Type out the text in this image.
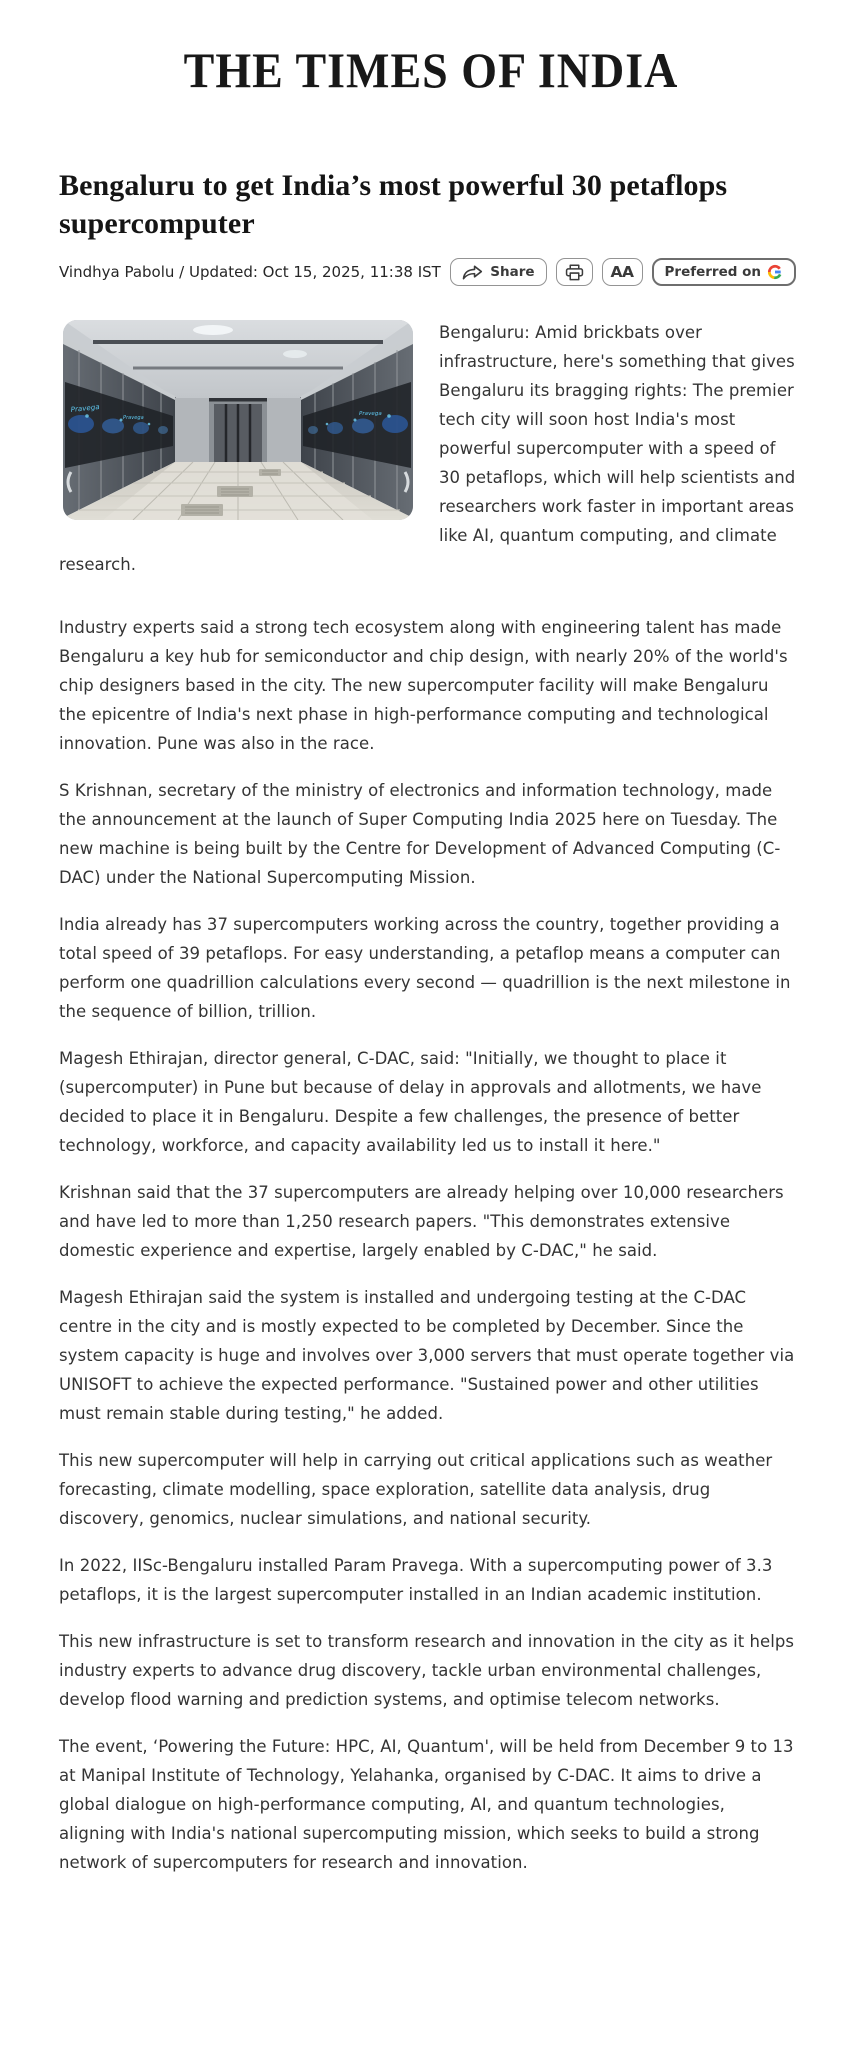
THE TIMES OF INDIA
Bengaluru to get India’s most powerful 30 petaflops supercomputer
Vindhya Pabolu / Updated: Oct 15, 2025, 11:38 IST	Share	AA Preferred on
Pravega
Pravega
Pravega

Bengaluru: Amid brickbats over infrastructure, here's something that gives Bengaluru its bragging rights: The premier tech city will soon host India's most powerful supercomputer with a speed of 30 petaflops, which will help scientists and researchers work faster in important areas like AI, quantum computing, and climate research.

Industry experts said a strong tech ecosystem along with engineering talent has made Bengaluru a key hub for semiconductor and chip design, with nearly 20% of the world's chip designers based in the city. The new supercomputer facility will make Bengaluru the epicentre of India's next phase in high-performance computing and technological innovation. Pune was also in the race.

S Krishnan, secretary of the ministry of electronics and information technology, made the announcement at the launch of Super Computing India 2025 here on Tuesday. The new machine is being built by the Centre for Development of Advanced Computing (C-DAC) under the National Supercomputing Mission.

India already has 37 supercomputers working across the country, together providing a total speed of 39 petaflops. For easy understanding, a petaflop means a computer can perform one quadrillion calculations every second — quadrillion is the next milestone in the sequence of billion, trillion.

Magesh Ethirajan, director general, C-DAC, said: "Initially, we thought to place it (supercomputer) in Pune but because of delay in approvals and allotments, we have decided to place it in Bengaluru. Despite a few challenges, the presence of better technology, workforce, and capacity availability led us to install it here."

Krishnan said that the 37 supercomputers are already helping over 10,000 researchers and have led to more than 1,250 research papers. "This demonstrates extensive domestic experience and expertise, largely enabled by C-DAC," he said.

Magesh Ethirajan said the system is installed and undergoing testing at the C-DAC centre in the city and is mostly expected to be completed by December. Since the system capacity is huge and involves over 3,000 servers that must operate together via UNISOFT to achieve the expected performance. "Sustained power and other utilities must remain stable during testing," he added.

This new supercomputer will help in carrying out critical applications such as weather forecasting, climate modelling, space exploration, satellite data analysis, drug discovery, genomics, nuclear simulations, and national security.

In 2022, IISc-Bengaluru installed Param Pravega. With a supercomputing power of 3.3 petaflops, it is the largest supercomputer installed in an Indian academic institution.

This new infrastructure is set to transform research and innovation in the city as it helps industry experts to advance drug discovery, tackle urban environmental challenges, develop flood warning and prediction systems, and optimise telecom networks.

The event, ‘Powering the Future: HPC, AI, Quantum', will be held from December 9 to 13 at Manipal Institute of Technology, Yelahanka, organised by C-DAC. It aims to drive a global dialogue on high-performance computing, AI, and quantum technologies, aligning with India's national supercomputing mission, which seeks to build a strong network of supercomputers for research and innovation.
